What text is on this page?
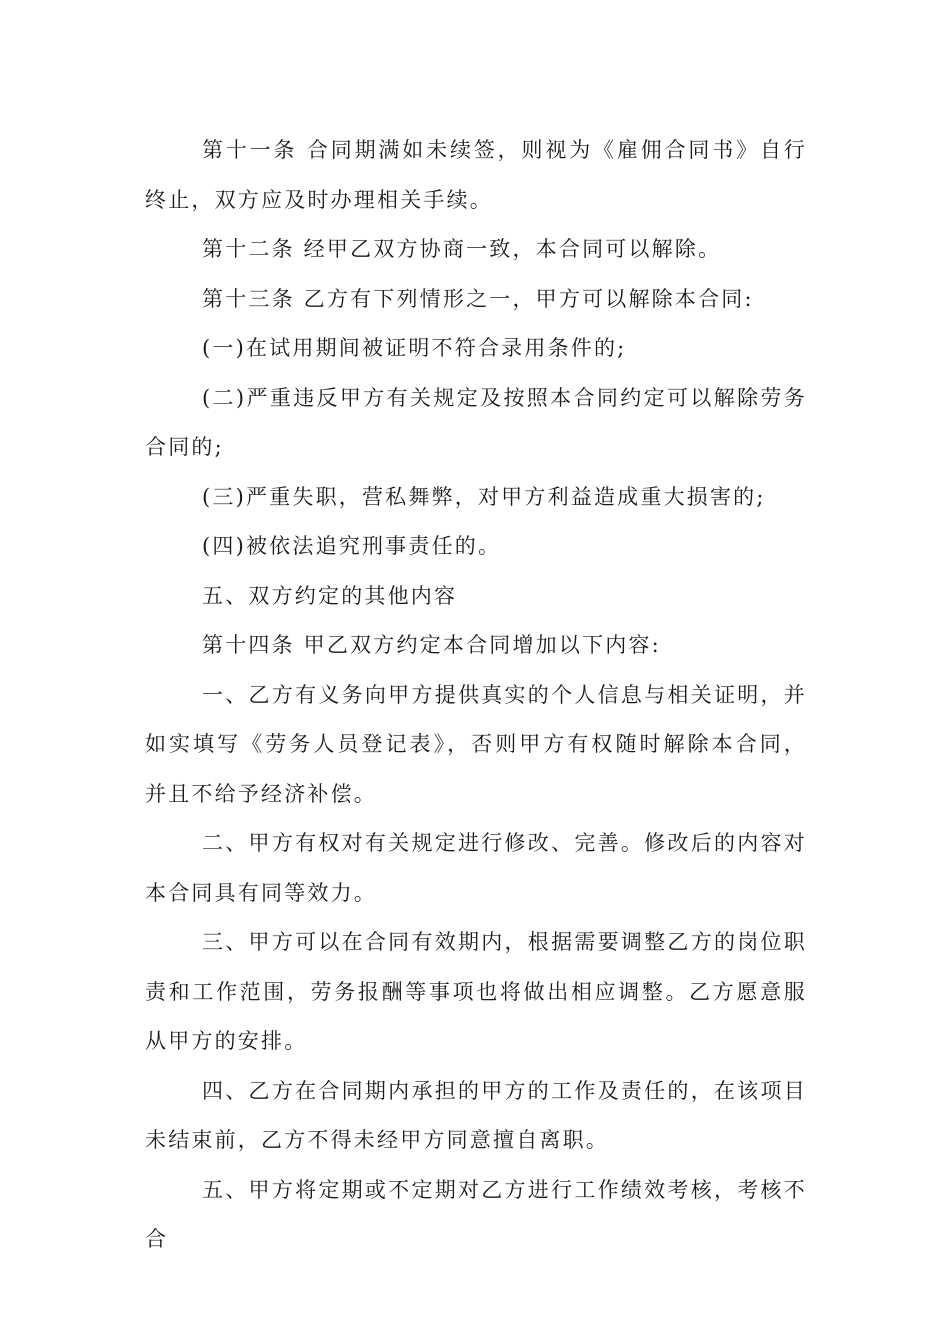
第十一条 合同期满如未续签，则视为《雇佣合同书》自行终止，双方应及时办理相关手续。

第十二条 经甲乙双方协商一致，本合同可以解除。

第十三条 乙方有下列情形之一，甲方可以解除本合同:

(一)在试用期间被证明不符合录用条件的;

(二)严重违反甲方有关规定及按照本合同约定可以解除劳务合同的;

(三)严重失职，营私舞弊，对甲方利益造成重大损害的;

(四)被依法追究刑事责任的。

五、双方约定的其他内容

第十四条 甲乙双方约定本合同增加以下内容:

一、乙方有义务向甲方提供真实的个人信息与相关证明，并如实填写《劳务人员登记表》，否则甲方有权随时解除本合同，并且不给予经济补偿。

二、甲方有权对有关规定进行修改、完善。修改后的内容对本合同具有同等效力。

三、甲方可以在合同有效期内，根据需要调整乙方的岗位职责和工作范围，劳务报酬等事项也将做出相应调整。乙方愿意服从甲方的安排。

四、乙方在合同期内承担的甲方的工作及责任的，在该项目未结束前，乙方不得未经甲方同意擅自离职。

五、甲方将定期或不定期对乙方进行工作绩效考核，考核不合
